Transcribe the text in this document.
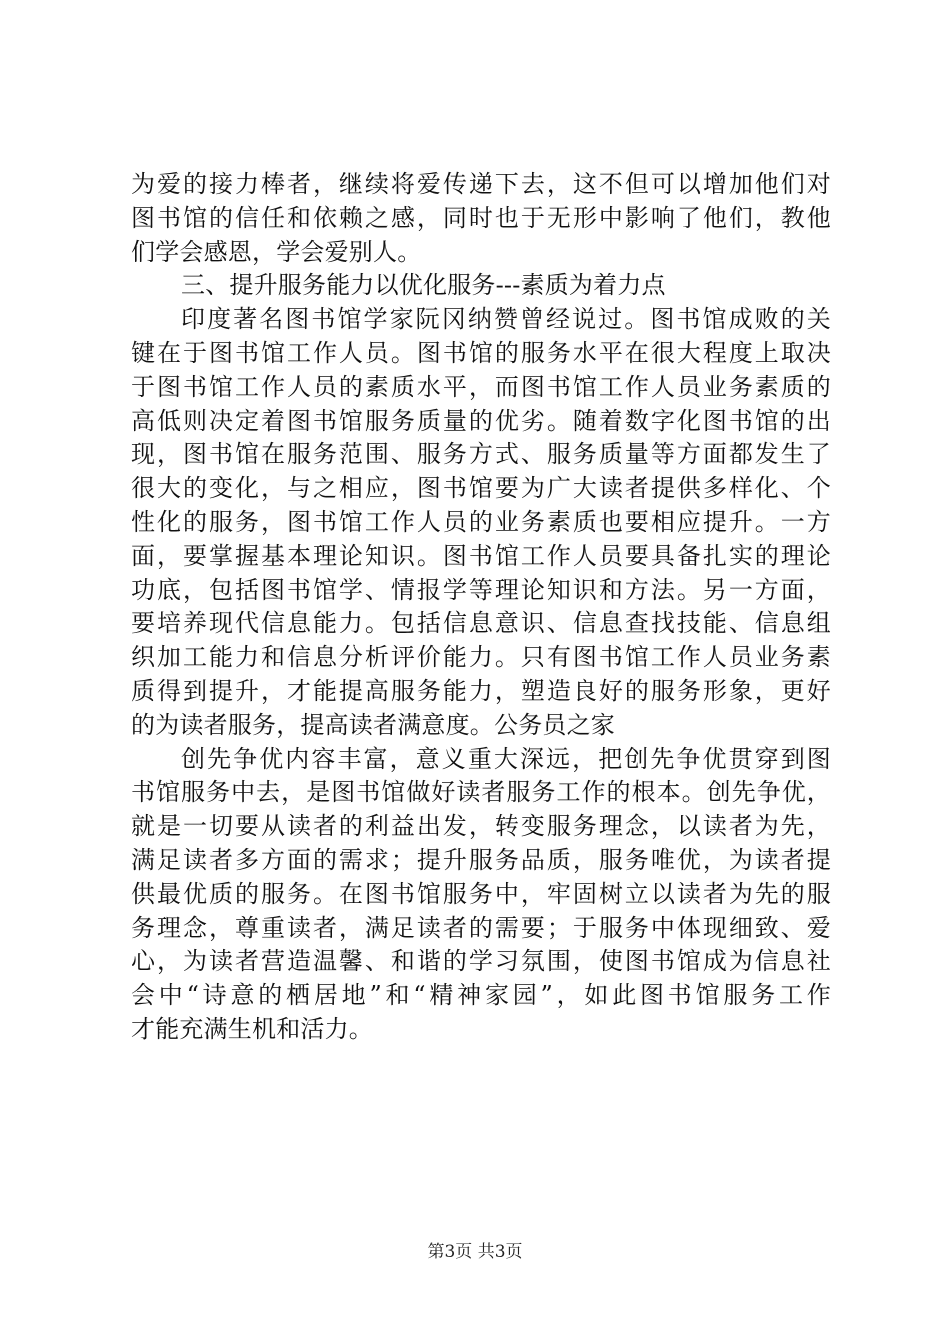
为爱的接力棒者，继续将爱传递下去，这不但可以增加他们对
图书馆的信任和依赖之感，同时也于无形中影响了他们，教他
们学会感恩，学会爱别人。
三、提升服务能力以优化服务---素质为着力点
印度著名图书馆学家阮冈纳赞曾经说过。图书馆成败的关
键在于图书馆工作人员。图书馆的服务水平在很大程度上取决
于图书馆工作人员的素质水平，而图书馆工作人员业务素质的
高低则决定着图书馆服务质量的优劣。随着数字化图书馆的出
现，图书馆在服务范围、服务方式、服务质量等方面都发生了
很大的变化，与之相应，图书馆要为广大读者提供多样化、个
性化的服务，图书馆工作人员的业务素质也要相应提升。一方
面，要掌握基本理论知识。图书馆工作人员要具备扎实的理论
功底，包括图书馆学、情报学等理论知识和方法。另一方面，
要培养现代信息能力。包括信息意识、信息查找技能、信息组
织加工能力和信息分析评价能力。只有图书馆工作人员业务素
质得到提升，才能提高服务能力，塑造良好的服务形象，更好
的为读者服务，提高读者满意度。公务员之家
创先争优内容丰富，意义重大深远，把创先争优贯穿到图
书馆服务中去，是图书馆做好读者服务工作的根本。创先争优，
就是一切要从读者的利益出发，转变服务理念，以读者为先，
满足读者多方面的需求；提升服务品质，服务唯优，为读者提
供最优质的服务。在图书馆服务中，牢固树立以读者为先的服
务理念，尊重读者，满足读者的需要；于服务中体现细致、爱
心，为读者营造温馨、和谐的学习氛围，使图书馆成为信息社
会中“诗意的栖居地”和“精神家园”，如此图书馆服务工作
才能充满生机和活力。
第3页 共3页
